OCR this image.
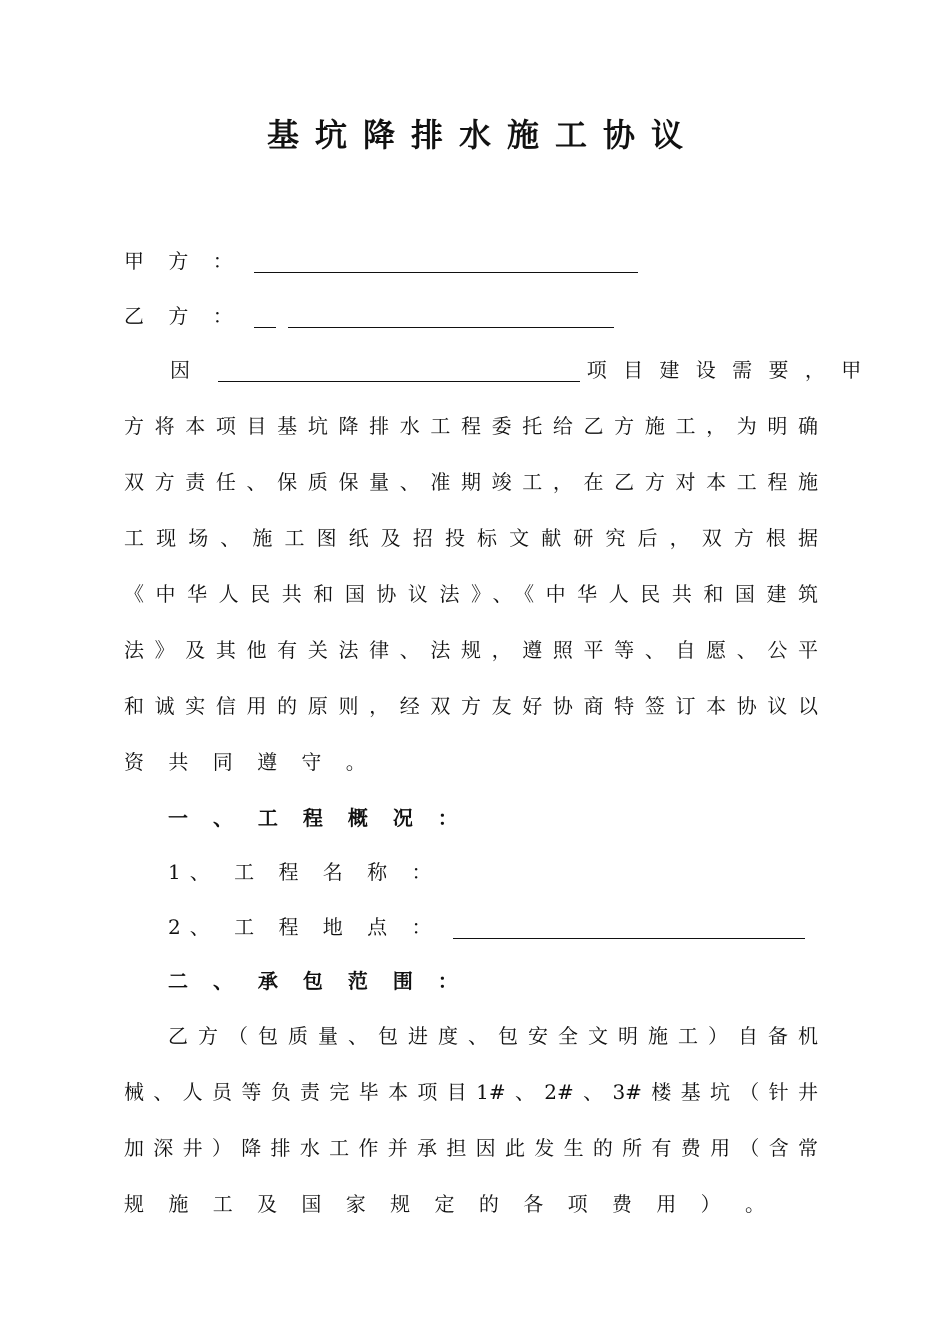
基坑降排水施工协议
甲 方 ：
乙 方 ：
因	项 目 建 设 需 要 ， 甲
方将本项目基坑降排水工程委托给乙方施工，为明确
双方责任、保质保量、准期竣工，在乙方对本工程施
工现场、施工图纸及招投标文献研究后，双方根据
《中华人民共和国协议法》、《中华人民共和国建筑
法》及其他有关法律、法规，遵照平等、自愿、公平
和诚实信用的原则，经双方友好协商特签订本协议以
资 共 同 遵 守 。
一 、 工 程 概 况 ：
1、 工 程 名 称 ：
2、 工 程 地 点 ：
二 、 承 包 范 围 ：
乙方（包质量、包进度、包安全文明施工）自备机
械、人员等负责完毕本项目1#、2#、3#楼基坑（针井
加深井）降排水工作并承担因此发生的所有费用（含常
规 施 工 及 国 家 规 定 的 各 项 费 用 ） 。
